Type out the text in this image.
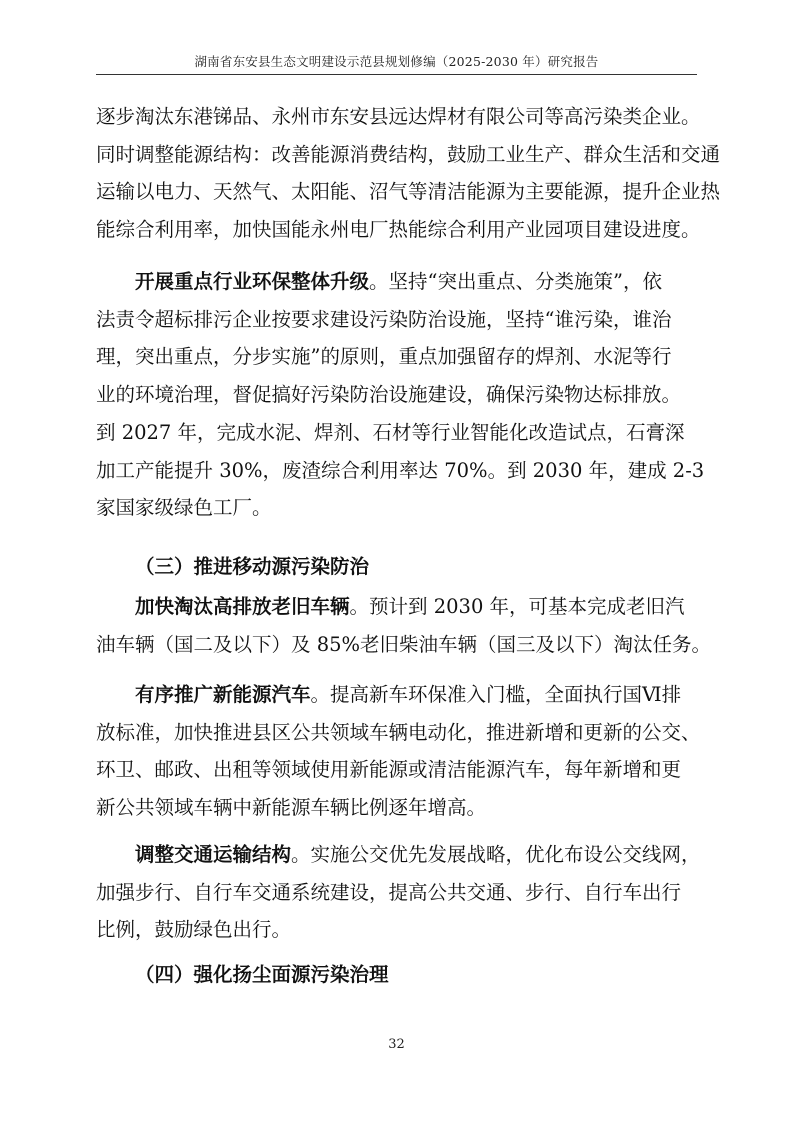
湖南省东安县生态文明建设示范县规划修编（2025-2030 年）研究报告

逐步淘汰东港锑品、永州市东安县远达焊材有限公司等高污染类企业。

同时调整能源结构：改善能源消费结构，鼓励工业生产、群众生活和交通

运输以电力、天然气、太阳能、沼气等清洁能源为主要能源，提升企业热

能综合利用率，加快国能永州电厂热能综合利用产业园项目建设进度。

　　开展重点行业环保整体升级。坚持“突出重点、分类施策”，依

法责令超标排污企业按要求建设污染防治设施，坚持“谁污染，谁治

理，突出重点，分步实施”的原则，重点加强留存的焊剂、水泥等行

业的环境治理，督促搞好污染防治设施建设，确保污染物达标排放。

到 2027 年，完成水泥、焊剂、石材等行业智能化改造试点，石膏深

加工产能提升 30%，废渣综合利用率达 70%。到 2030 年，建成 2-3

家国家级绿色工厂。

（三）推进移动源污染防治

　　加快淘汰高排放老旧车辆。预计到 2030 年，可基本完成老旧汽

油车辆（国二及以下）及 85%老旧柴油车辆（国三及以下）淘汰任务。

　　有序推广新能源汽车。提高新车环保准入门槛，全面执行国Ⅵ排

放标准，加快推进县区公共领域车辆电动化，推进新增和更新的公交、

环卫、邮政、出租等领域使用新能源或清洁能源汽车，每年新增和更

新公共领域车辆中新能源车辆比例逐年增高。

　　调整交通运输结构。实施公交优先发展战略，优化布设公交线网，

加强步行、自行车交通系统建设，提高公共交通、步行、自行车出行

比例，鼓励绿色出行。

（四）强化扬尘面源污染治理
32
